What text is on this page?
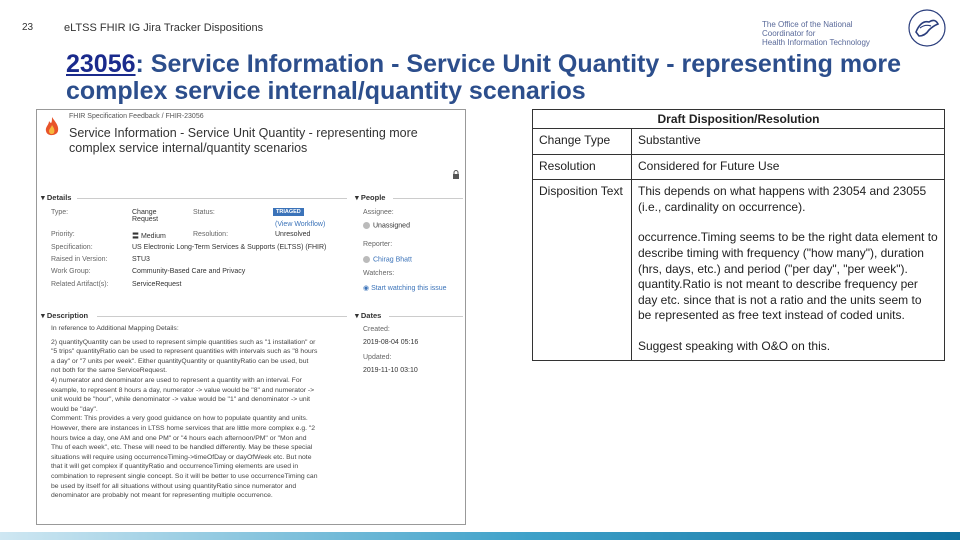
23	eLTSS FHIR IG Jira Tracker Dispositions	The Office of the National Coordinator for
Health Information Technology
23056: Service Information - Service Unit Quantity - representing more complex service internal/quantity scenarios
FHIR Specification Feedback / FHIR-23056
Service Information - Service Unit Quantity - representing more complex service internal/quantity scenarios
▾ Details
Type:	Change Request
Status:	TRIAGED
(View Workflow)
Priority:	〓 Medium	Resolution:	Unresolved
Specification:	US Electronic Long-Term Services & Supports (ELTSS) (FHIR)
Raised in Version:	STU3
Work Group:	Community-Based Care and Privacy
Related Artifact(s):	ServiceRequest
▾ People
Assignee:
Unassigned
Reporter:
Chirag Bhatt
Watchers:
◉ Start watching this issue
▾ Description
In reference to Additional Mapping Details:
2) quantityQuantity can be used to represent simple quantities such as "1 installation" or
"5 trips" quantityRatio can be used to represent quantities with intervals such as "8 hours
a day" or "7 units per week". Either quantityQuantity or quantityRatio can be used, but
not both for the same ServiceRequest.
4) numerator and denominator are used to represent a quantity with an interval. For
example, to represent 8 hours a day, numerator -> value would be "8" and numerator ->
unit would be "hour", while denominator -> value would be "1" and denominator -> unit
would be "day".
Comment: This provides a very good guidance on how to populate quantity and units.
However, there are instances in LTSS home services that are little more complex e.g. "2
hours twice a day, one AM and one PM" or "4 hours each afternoon/PM" or "Mon and
Thu of each week", etc. These will need to be handled differently. May be these special
situations will require using occurrenceTiming->timeOfDay or dayOfWeek etc. But note
that it will get complex if quantityRatio and occurrenceTiming elements are used in
combination to represent single concept. So it will be better to use occurrenceTiming can
be used by itself for all situations without using quantityRatio since numerator and
denominator are probably not meant for representing multiple occurrence.
▾ Dates
Created:
2019-08-04 05:16
Updated:
2019-11-10 03:10
Draft Disposition/Resolution	
Change Type	Substantive

Resolution	Considered for Future Use

Disposition Text	This depends on what happens with 23054 and 23055 (i.e., cardinality on occurrence).

occurrence.Timing seems to be the right data element to describe timing with frequency ("how many"), duration (hrs, days, etc.) and period ("per day", "per week"). quantity.Ratio is not meant to describe frequency per day etc. since that is not a ratio and the units seem to be represented as free text instead of coded units.

Suggest speaking with O&O on this.
